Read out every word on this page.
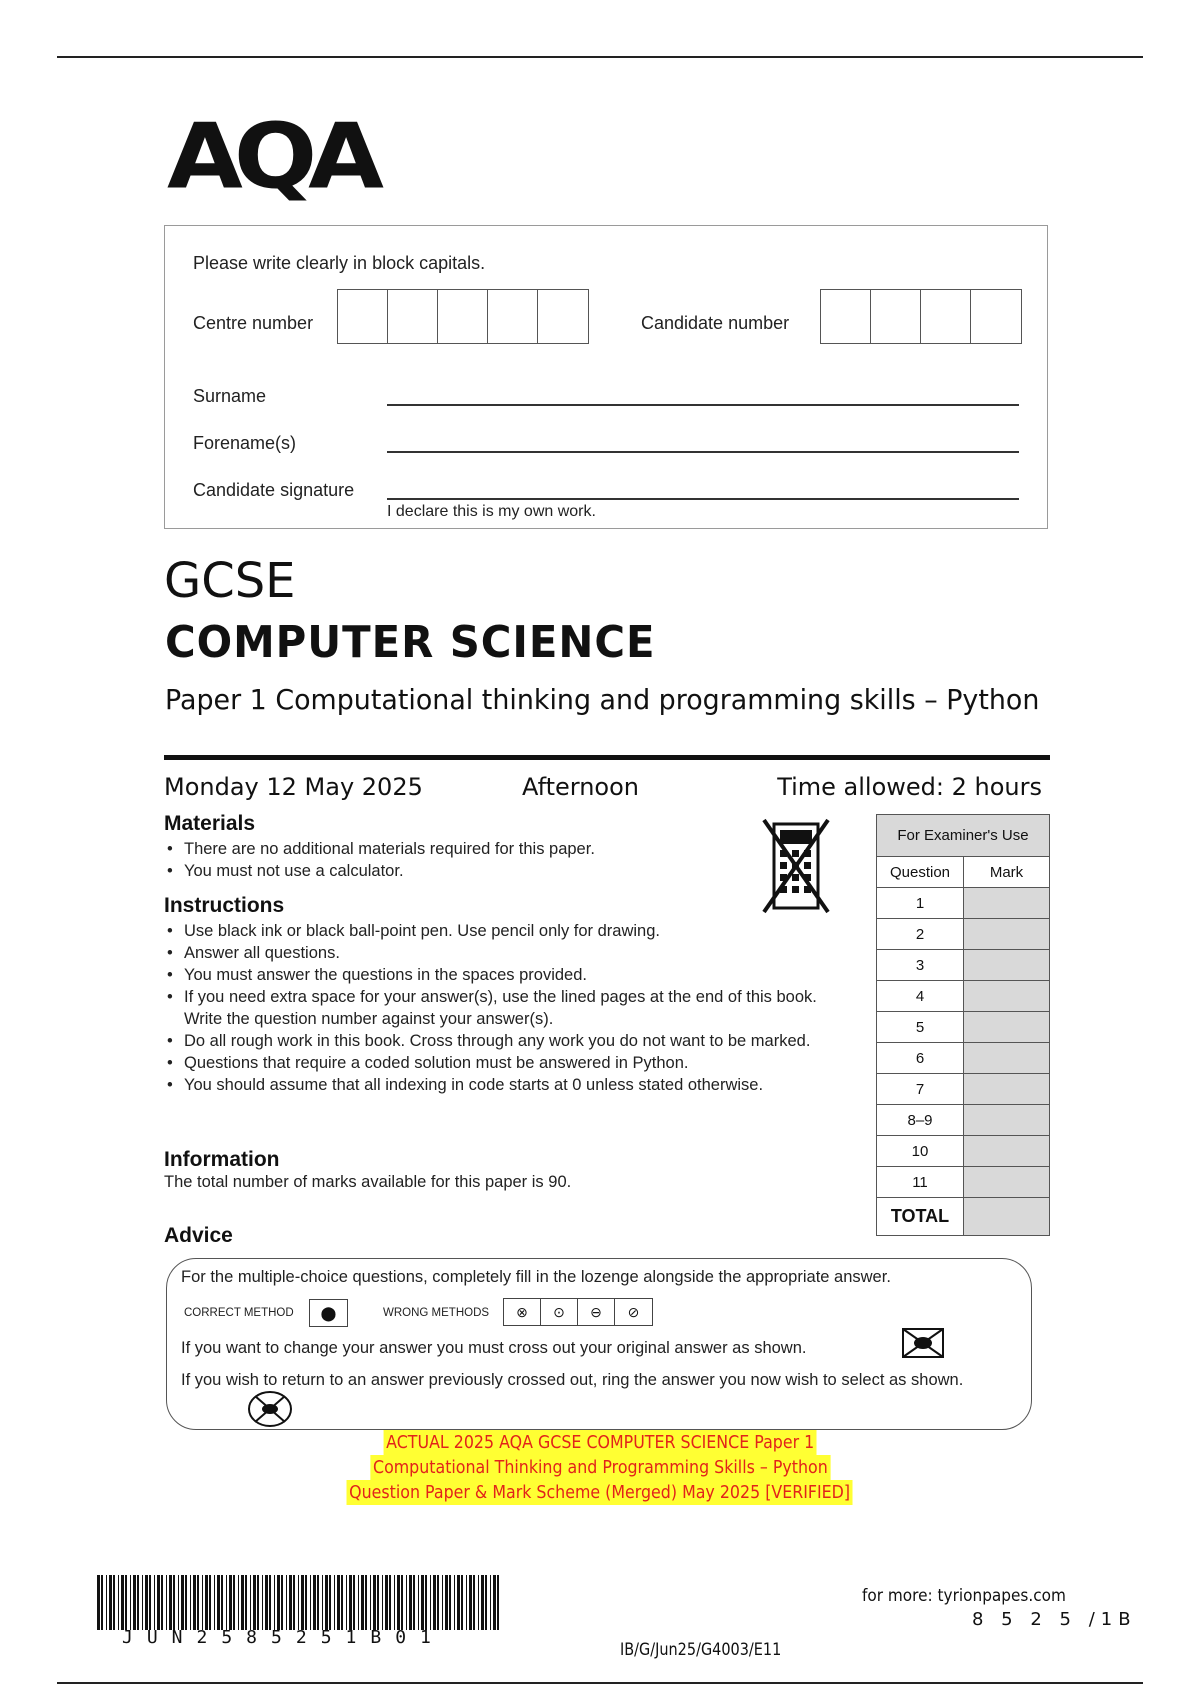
AQA
Please write clearly in block capitals.
Centre number	Candidate number
Surname
Forename(s)
Candidate signature
I declare this is my own work.
GCSE
COMPUTER SCIENCE
Paper 1 Computational thinking and programming skills – Python
Monday 12 May 2025	Afternoon	Time allowed: 2 hours
Materials
• There are no additional materials required for this paper.
• You must not use a calculator.
Instructions
• Use black ink or black ball-point pen. Use pencil only for drawing.
• Answer all questions.
• You must answer the questions in the spaces provided.
• If you need extra space for your answer(s), use the lined pages at the end of this book. Write the question number against your answer(s).
• Do all rough work in this book. Cross through any work you do not want to be marked.
• Questions that require a coded solution must be answered in Python.
• You should assume that all indexing in code starts at 0 unless stated otherwise.
Information
The total number of marks available for this paper is 90.
Advice
For Examiner's Use	
Question	Mark
1	
2	
3	
4	
5	
6	
7	
8–9	
10	
11	
TOTAL	
For the multiple-choice questions, completely fill in the lozenge alongside the appropriate answer.
CORRECT METHOD	⬤	WRONG METHODS	⊗	⊙	⊖	⊘
If you want to change your answer you must cross out your original answer as shown.
If you wish to return to an answer previously crossed out, ring the answer you now wish to select as shown.
ACTUAL 2025 AQA GCSE COMPUTER SCIENCE Paper 1
Computational Thinking and Programming Skills – Python
Question Paper & Mark Scheme (Merged) May 2025 [VERIFIED]
JUN2585251B01
IB/G/Jun25/G4003/E11
for more: tyrionpapes.com
8 5 2 5 /1B
